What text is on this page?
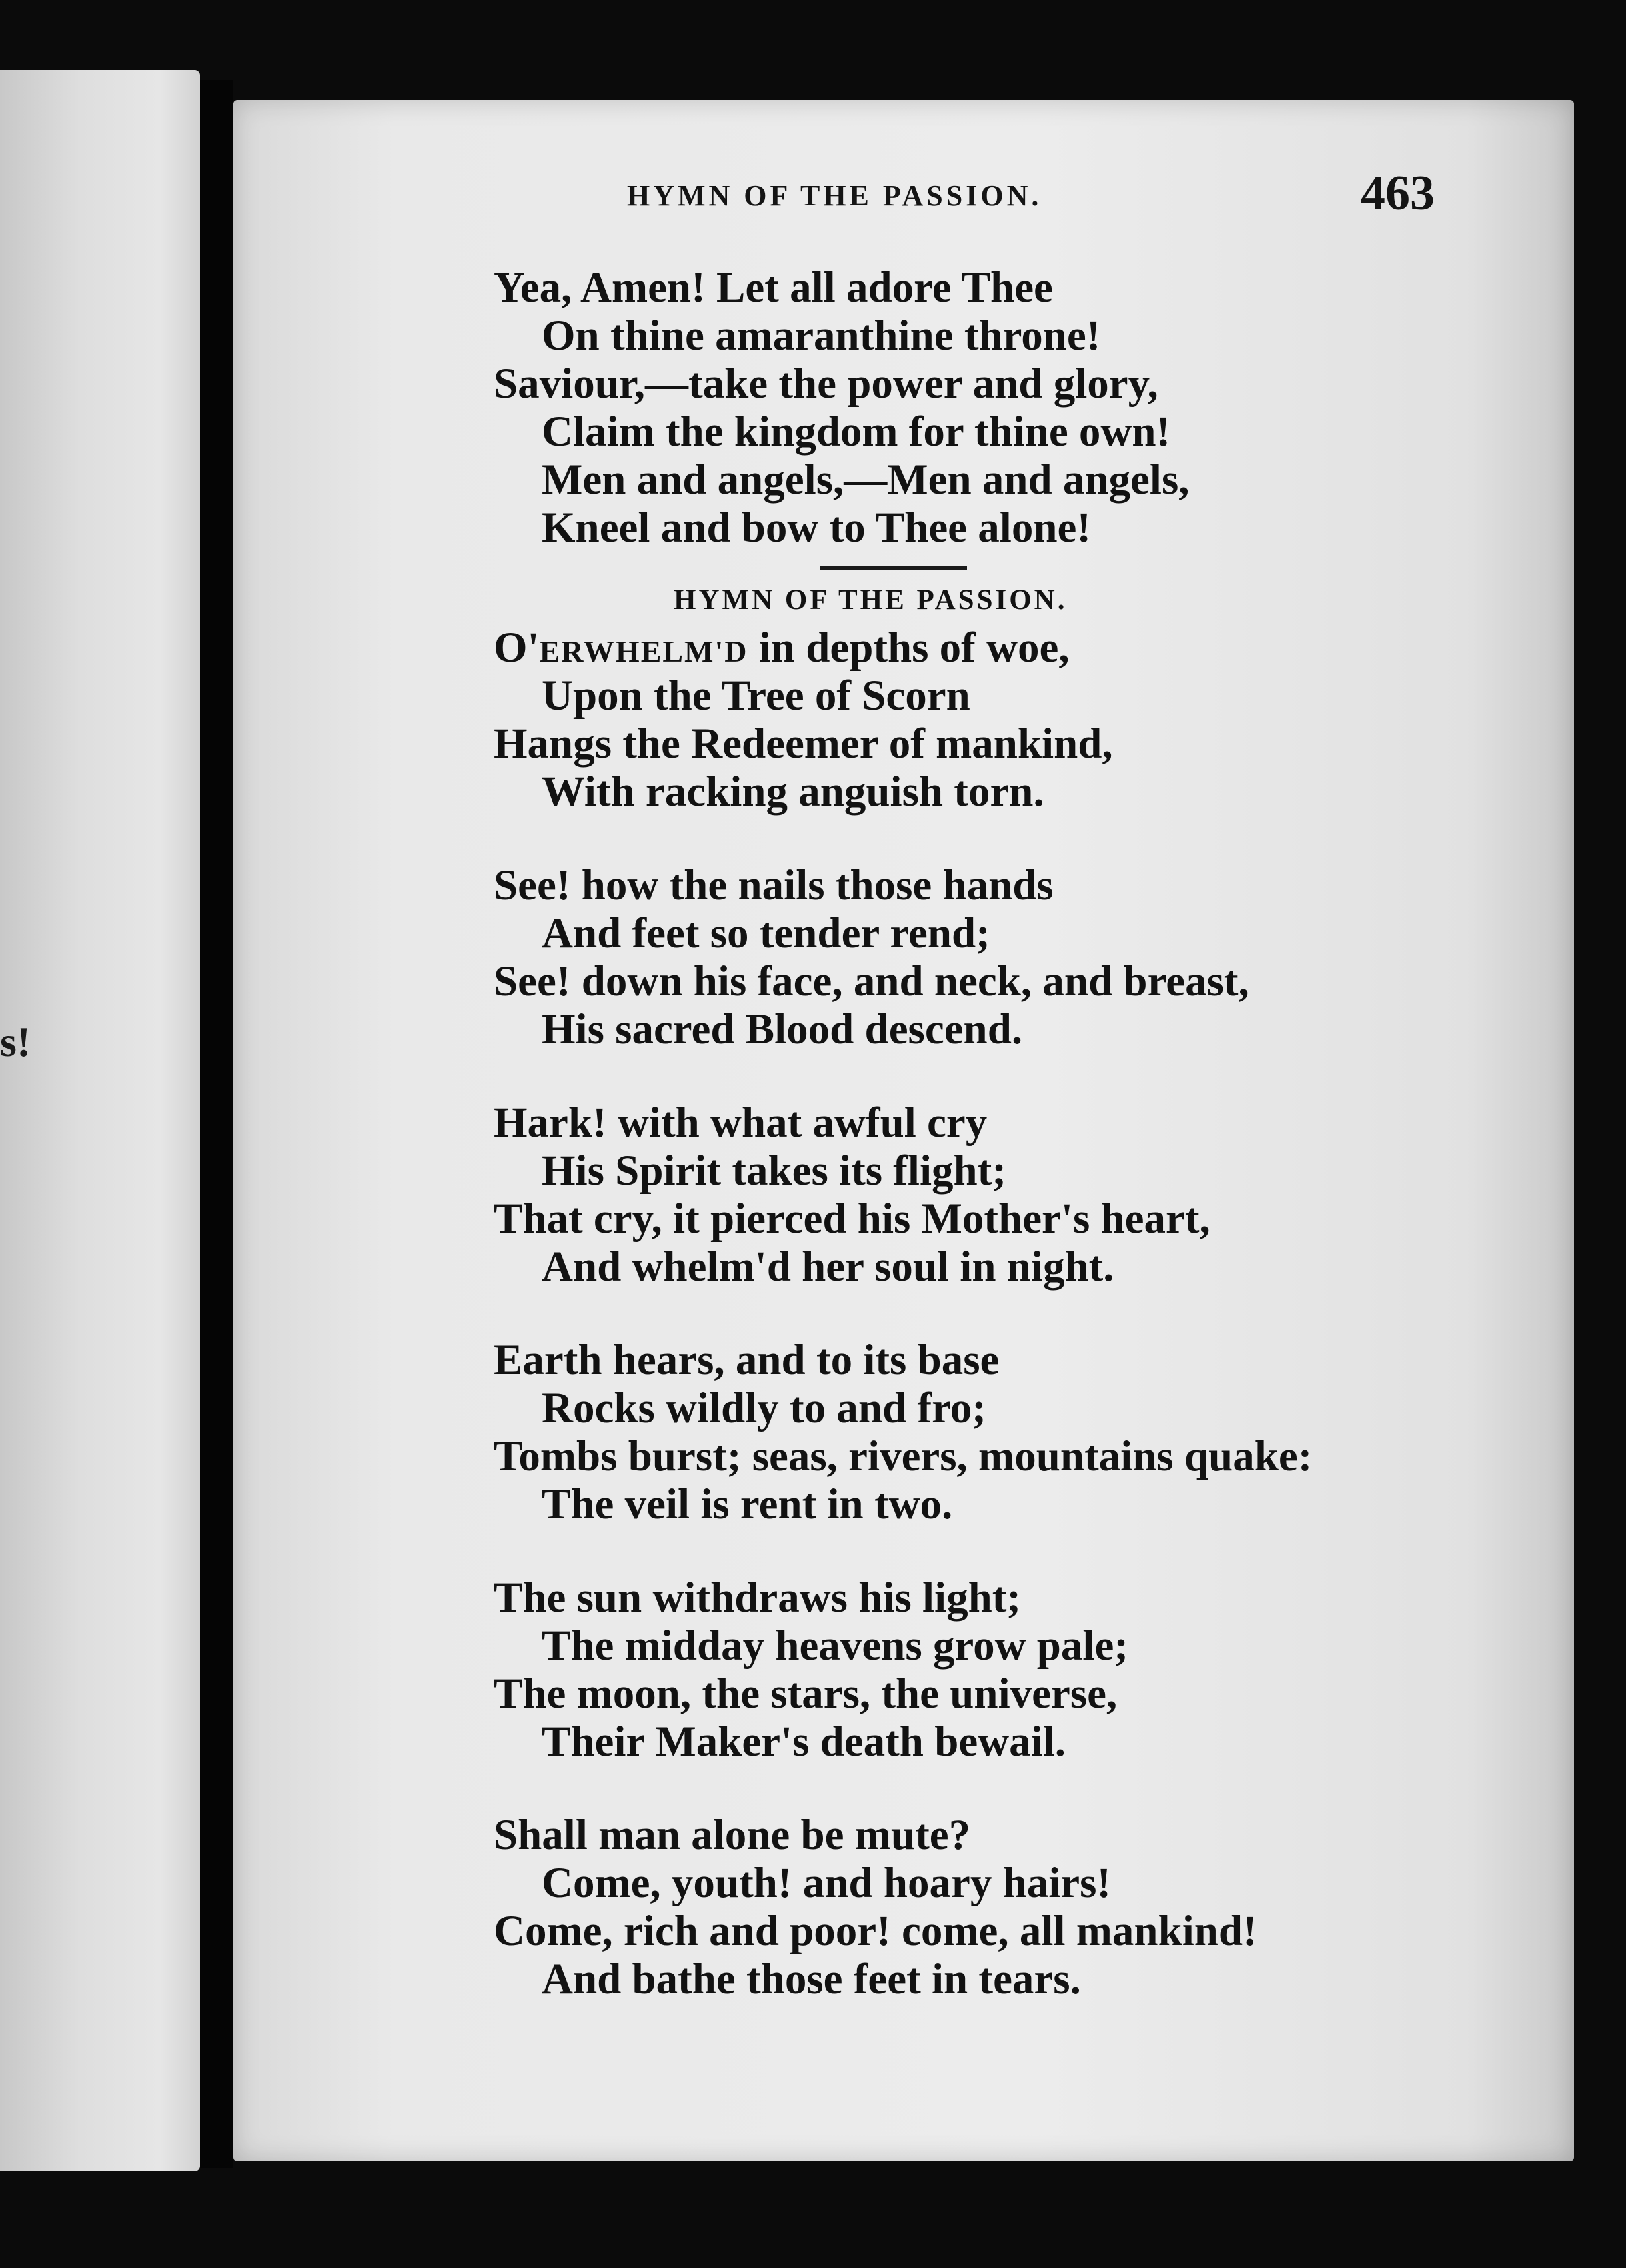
s!
HYMN OF THE PASSION.	463
Yea, Amen! Let all adore Thee
On thine amaranthine throne!
Saviour,—take the power and glory,
Claim the kingdom for thine own!
Men and angels,—Men and angels,
Kneel and bow to Thee alone!
HYMN OF THE PASSION.
O'ERWHELM'D in depths of woe,
Upon the Tree of Scorn
Hangs the Redeemer of mankind,
With racking anguish torn.
See! how the nails those hands
And feet so tender rend;
See! down his face, and neck, and breast,
His sacred Blood descend.
Hark! with what awful cry
His Spirit takes its flight;
That cry, it pierced his Mother's heart,
And whelm'd her soul in night.
Earth hears, and to its base
Rocks wildly to and fro;
Tombs burst; seas, rivers, mountains quake:
The veil is rent in two.
The sun withdraws his light;
The midday heavens grow pale;
The moon, the stars, the universe,
Their Maker's death bewail.
Shall man alone be mute?
Come, youth! and hoary hairs!
Come, rich and poor! come, all mankind!
And bathe those feet in tears.
